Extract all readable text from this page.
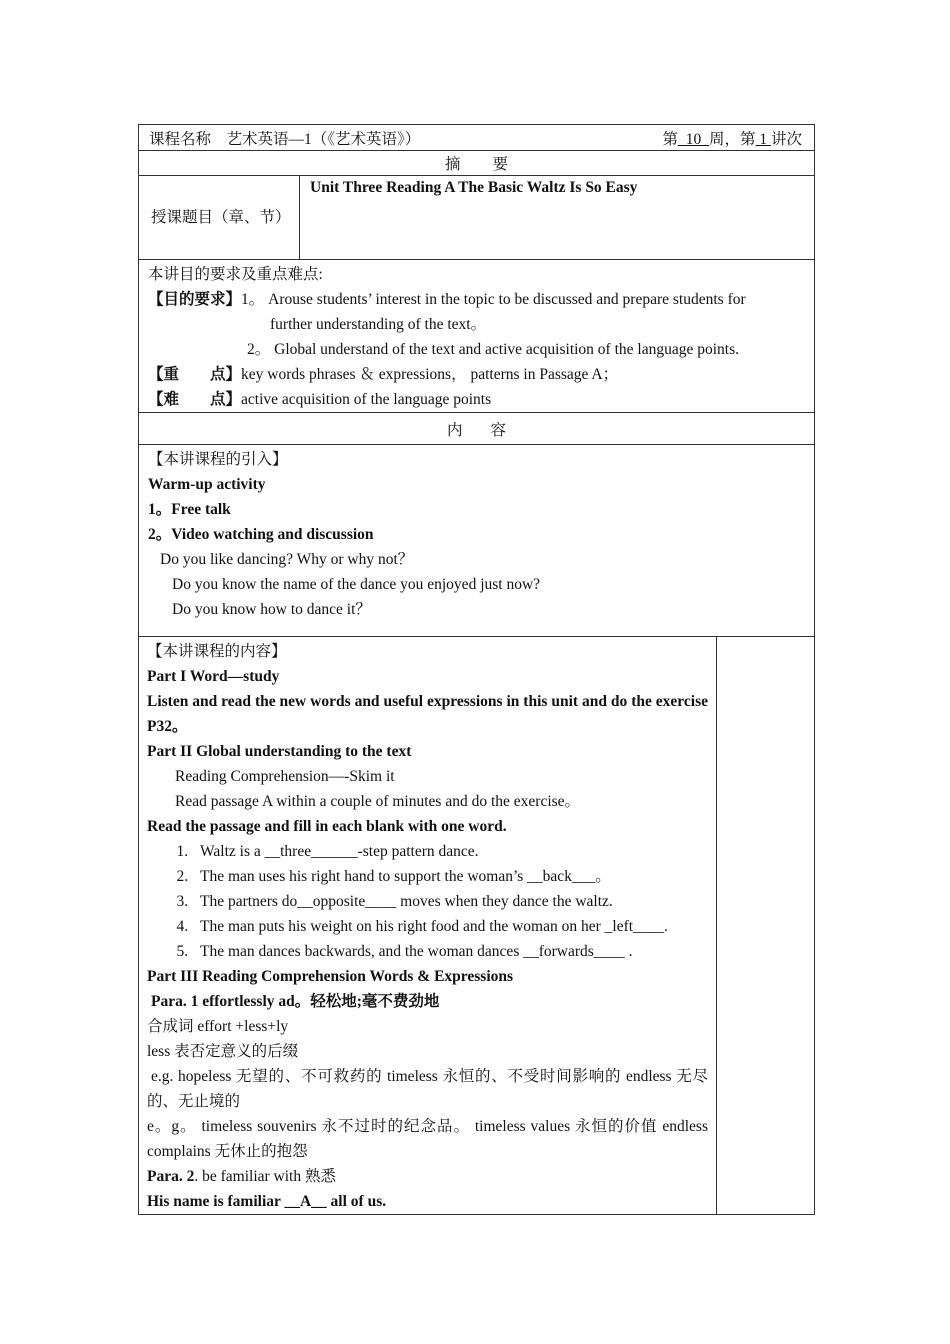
课程名称　艺术英语—1（《艺术英语》）	第  10  周，第 1 讲次
摘要
授课题目（章、节）
Unit Three Reading A The Basic Waltz Is So Easy

本讲目的要求及重点难点:

【目的要求】1。 Arouse students’ interest in the topic to be discussed and prepare students for

further understanding of the text。

2。 Global understand of the text and active acquisition of the language points.

【重　　点】key words phrases ＆ expressions， patterns in Passage A；

【难　　点】active acquisition of the language points

内容

【本讲课程的引入】

Warm-up activity

1。Free talk

2。Video watching and discussion

Do you like dancing? Why or why not？

Do you know the name of the dance you enjoyed just now?

Do you know how to dance it？

【本讲课程的内容】

Part I Word—study

Listen and read the new words and useful expressions in this unit and do the exercise P32。

Part II Global understanding to the text

Reading Comprehension—-Skim it

Read passage A within a couple of minutes and do the exercise。

Read the passage and fill in each blank with one word.

1. Waltz is a __three______-step pattern dance.
2. The man uses his right hand to support the woman’s __back___。
3. The partners do__opposite____ moves when they dance the waltz.
4. The man puts his weight on his right food and the woman on her _left____.
5. The man dances backwards, and the woman dances __forwards____ .

Part III Reading Comprehension Words & Expressions

Para. 1 effortlessly ad。轻松地;毫不费劲地

合成词 effort +less+ly

less 表否定意义的后缀

e.g. hopeless 无望的、不可救药的 timeless 永恒的、不受时间影响的 endless 无尽的、无止境的

e。g。 timeless souvenirs 永不过时的纪念品。 timeless values 永恒的价值 endless complains 无休止的抱怨

Para. 2. be familiar with 熟悉

His name is familiar __A__ all of us.
